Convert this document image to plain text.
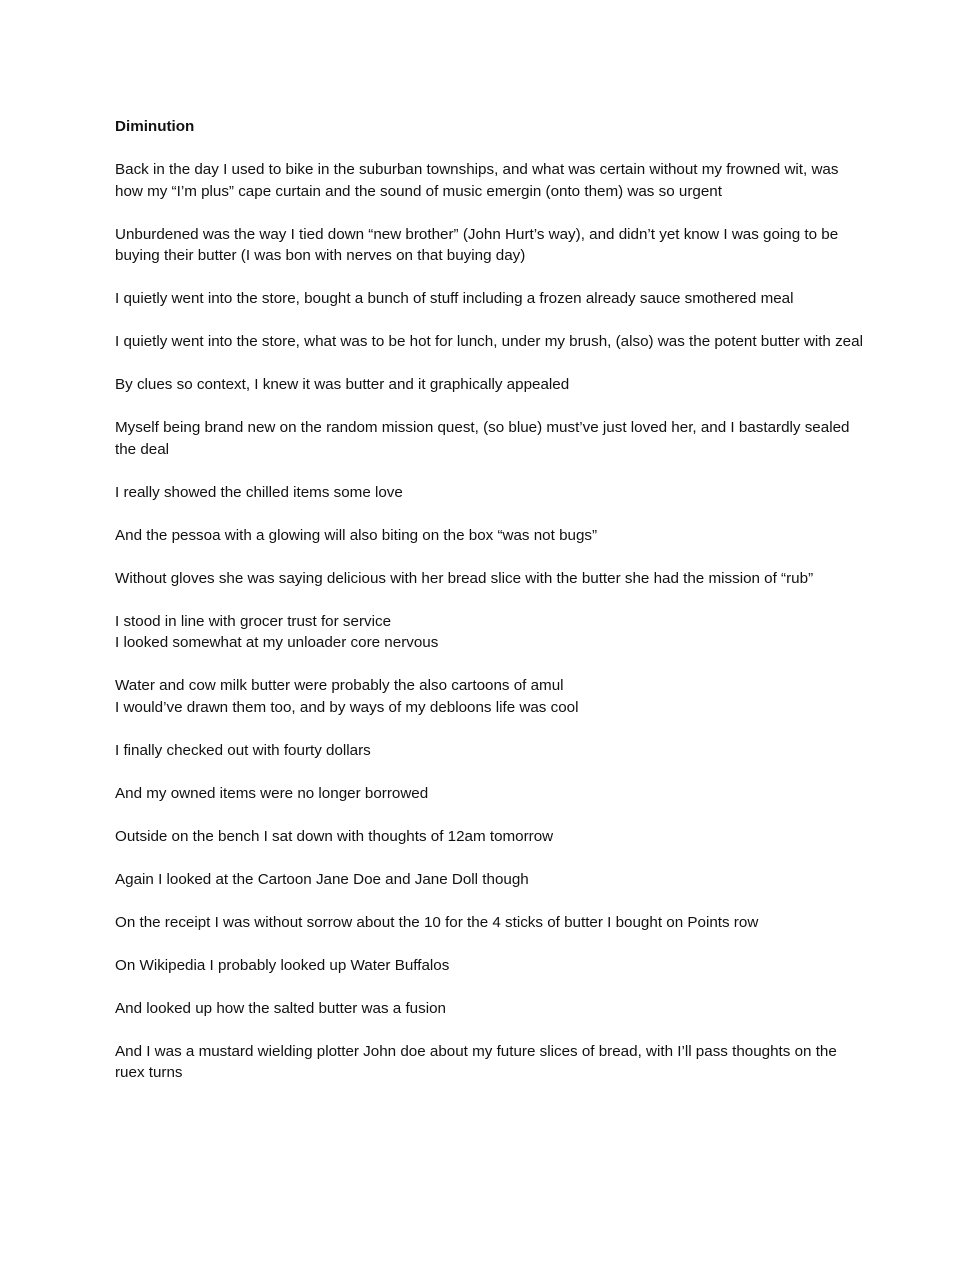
Diminution
Back in the day I used to bike in the suburban townships, and what was certain without my frowned wit, was how my “I’m plus” cape curtain and the sound of music emergin (onto them) was so urgent
Unburdened was the way I tied down “new brother” (John Hurt’s way), and didn’t yet know I was going to be buying their butter (I was bon with nerves on that buying day)
I quietly went into the store, bought a bunch of stuff including a frozen already sauce smothered meal
I quietly went into the store, what was to be hot for lunch, under my brush, (also) was the potent butter with zeal
By clues so context, I knew it was butter and it graphically appealed
Myself being brand new on the random mission quest, (so blue) must’ve just loved her, and I bastardly sealed the deal
I really showed the chilled items some love
And the pessoa with a glowing will also biting on the box “was not bugs”
Without gloves she was saying delicious with her bread slice with the butter she had the mission of “rub”
I stood in line with grocer trust for service
I looked somewhat at my unloader core nervous
Water and cow milk butter were probably the also cartoons of amul
I would’ve drawn them too, and by ways of my debloons life was cool
I finally checked out with fourty dollars
And my owned items were no longer borrowed
Outside on the bench I sat down with thoughts of 12am tomorrow
Again I looked at the Cartoon Jane Doe and Jane Doll though
On the receipt I was without sorrow about the 10 for the 4 sticks of butter I bought on Points row
On Wikipedia I probably looked up Water Buffalos
And looked up how the salted butter was a fusion
And I was a mustard wielding plotter John doe about my future slices of bread, with I’ll pass thoughts on the ruex turns
